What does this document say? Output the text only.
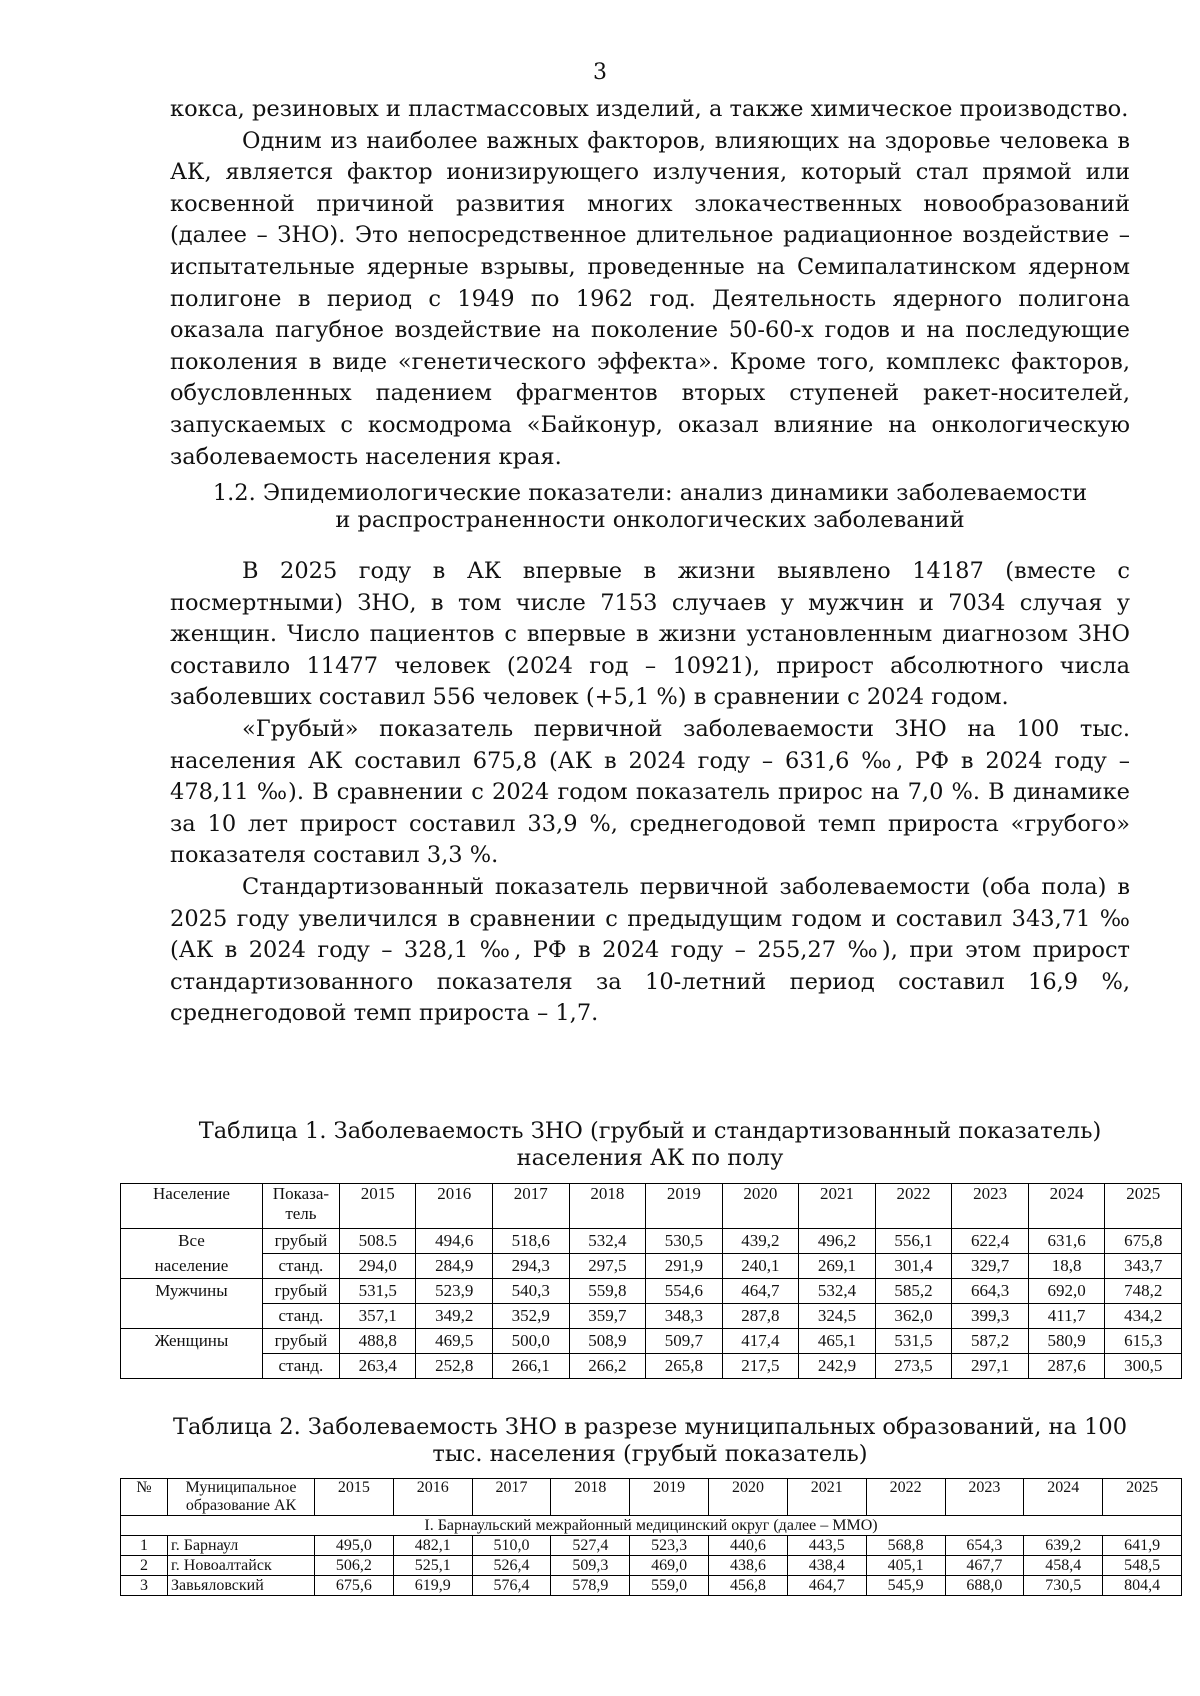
3

кокса, резиновых и пластмассовых изделий, а также химическое производство.

Одним из наиболее важных факторов, влияющих на здоровье человека в АК, является фактор ионизирующего излучения, который стал прямой или косвенной причиной развития многих злокачественных новообразований (далее – ЗНО). Это непосредственное длительное радиационное воздействие – испытательные ядерные взрывы, проведенные на Семипалатинском ядерном полигоне в период с 1949 по 1962 год. Деятельность ядерного полигона оказала пагубное воздействие на поколение 50-60-х годов и на последующие поколения в виде «генетического эффекта». Кроме того, комплекс факторов, обусловленных падением фрагментов вторых ступеней ракет-носителей, запускаемых с космодрома «Байконур, оказал влияние на онкологическую заболеваемость населения края.

1.2. Эпидемиологические показатели: анализ динамики заболеваемости
и распространенности онкологических заболеваний

В 2025 году в АК впервые в жизни выявлено 14187 (вместе с посмертными) ЗНО, в том числе 7153 случаев у мужчин и 7034 случая у женщин. Число пациентов с впервые в жизни установленным диагнозом ЗНО составило 11477 человек (2024 год – 10921), прирост абсолютного числа заболевших составил 556 человек (+5,1 %) в сравнении с 2024 годом.

«Грубый» показатель первичной заболеваемости ЗНО на 100 тыс. населения АК составил 675,8 (АК в 2024 году – 631,6 ‰, РФ в 2024 году – 478,11 ‰). В сравнении с 2024 годом показатель прирос на 7,0 %. В динамике за 10 лет прирост составил 33,9 %, среднегодовой темп прироста «грубого» показателя составил 3,3 %.

Стандартизованный показатель первичной заболеваемости (оба пола) в 2025 году увеличился в сравнении с предыдущим годом и составил 343,71 ‰ (АК в 2024 году – 328,1 ‰, РФ в 2024 году – 255,27 ‰), при этом прирост стандартизованного показателя за 10-летний период составил 16,9 %, среднегодовой темп прироста – 1,7.

Таблица 1. Заболеваемость ЗНО (грубый и стандартизованный показатель)
населения АК по полу
Население	Показа-тель	2015	2016	2017	2018	2019	2020	2021	2022	2023	2024	2025
Все	грубый	508.5	494,6	518,6	532,4	530,5	439,2	496,2	556,1	622,4	631,6	675,8
население	станд.	294,0	284,9	294,3	297,5	291,9	240,1	269,1	301,4	329,7	18,8	343,7
Мужчины	грубый	531,5	523,9	540,3	559,8	554,6	464,7	532,4	585,2	664,3	692,0	748,2
	станд.	357,1	349,2	352,9	359,7	348,3	287,8	324,5	362,0	399,3	411,7	434,2
Женщины	грубый	488,8	469,5	500,0	508,9	509,7	417,4	465,1	531,5	587,2	580,9	615,3
	станд.	263,4	252,8	266,1	266,2	265,8	217,5	242,9	273,5	297,1	287,6	300,5
Таблица 2. Заболеваемость ЗНО в разрезе муниципальных образований, на 100
тыс. населения (грубый показатель)
№	Муниципальное образование АК	2015	2016	2017	2018	2019	2020	2021	2022	2023	2024	2025
I. Барнаульский межрайонный медицинский округ (далее – ММО)												
1	г. Барнаул	495,0	482,1	510,0	527,4	523,3	440,6	443,5	568,8	654,3	639,2	641,9
2	г. Новоалтайск	506,2	525,1	526,4	509,3	469,0	438,6	438,4	405,1	467,7	458,4	548,5
3	Завьяловский	675,6	619,9	576,4	578,9	559,0	456,8	464,7	545,9	688,0	730,5	804,4
